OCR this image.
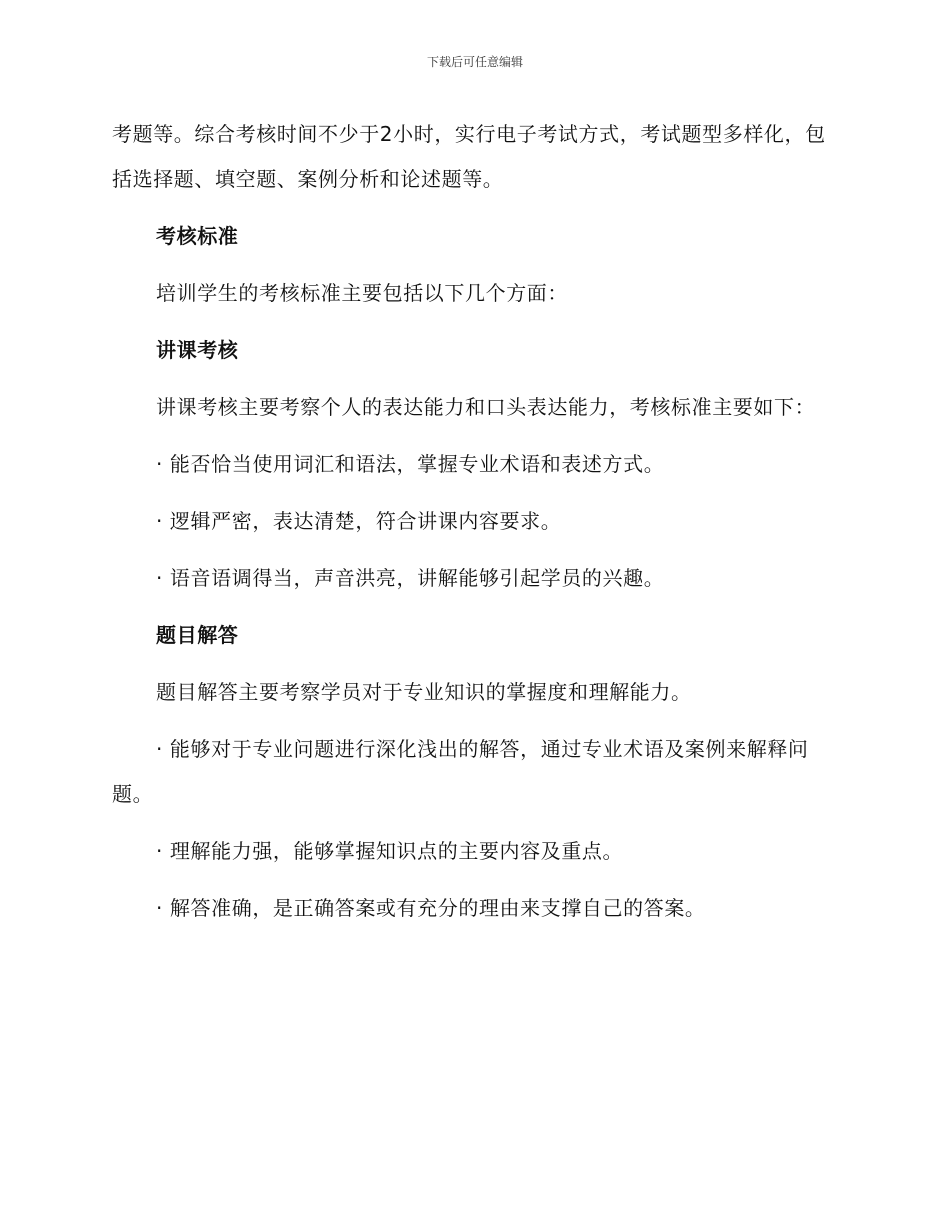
下载后可任意编辑

考题等。综合考核时间不少于2小时，实行电子考试方式，考试题型多样化，包括选择题、填空题、案例分析和论述题等。

考核标准

培训学生的考核标准主要包括以下几个方面：

讲课考核

讲课考核主要考察个人的表达能力和口头表达能力，考核标准主要如下：

· 能否恰当使用词汇和语法，掌握专业术语和表述方式。

· 逻辑严密，表达清楚，符合讲课内容要求。

· 语音语调得当，声音洪亮，讲解能够引起学员的兴趣。

题目解答

题目解答主要考察学员对于专业知识的掌握度和理解能力。

· 能够对于专业问题进行深化浅出的解答，通过专业术语及案例来解释问题。

· 理解能力强，能够掌握知识点的主要内容及重点。

· 解答准确，是正确答案或有充分的理由来支撑自己的答案。
